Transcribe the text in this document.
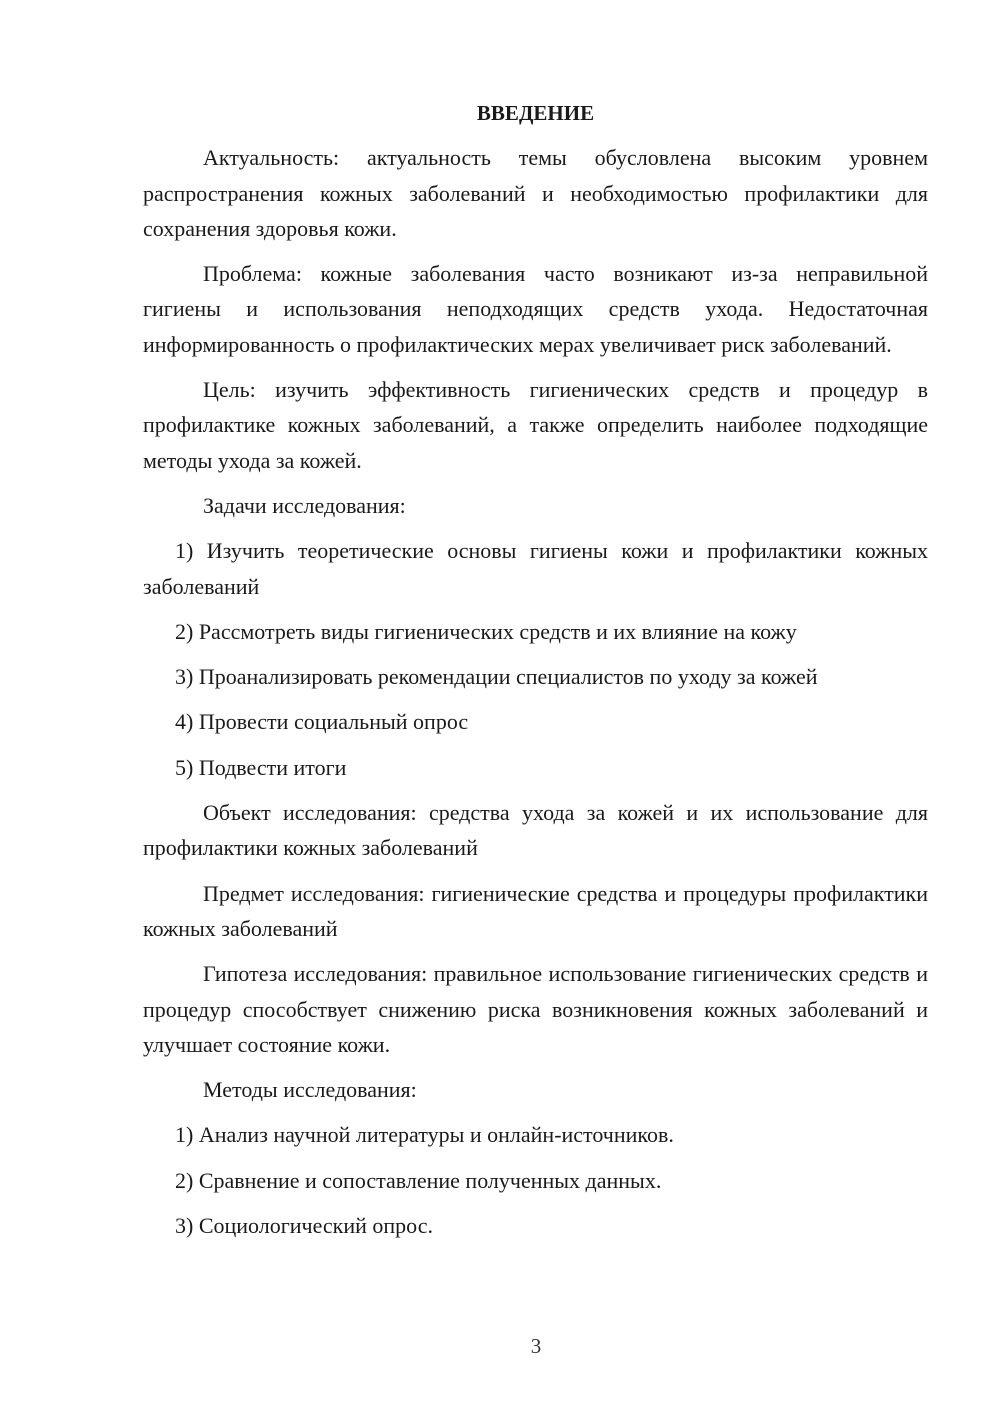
ВВЕДЕНИЕ

Актуальность: актуальность темы обусловлена высоким уровнем распространения кожных заболеваний и необходимостью профилактики для сохранения здоровья кожи.

Проблема: кожные заболевания часто возникают из-за неправильной гигиены и использования неподходящих средств ухода. Недостаточная информированность о профилактических мерах увеличивает риск заболеваний.

Цель: изучить эффективность гигиенических средств и процедур в профилактике кожных заболеваний, а также определить наиболее подходящие методы ухода за кожей.

Задачи исследования:

1) Изучить теоретические основы гигиены кожи и профилактики кожных заболеваний

2) Рассмотреть виды гигиенических средств и их влияние на кожу

3) Проанализировать рекомендации специалистов по уходу за кожей

4) Провести социальный опрос

5) Подвести итоги

Объект исследования: средства ухода за кожей и их использование для профилактики кожных заболеваний

Предмет исследования: гигиенические средства и процедуры профилактики кожных заболеваний

Гипотеза исследования: правильное использование гигиенических средств и процедур способствует снижению риска возникновения кожных заболеваний и улучшает состояние кожи.

Методы исследования:

1) Анализ научной литературы и онлайн-источников.

2) Сравнение и сопоставление полученных данных.

3) Социологический опрос.

3
